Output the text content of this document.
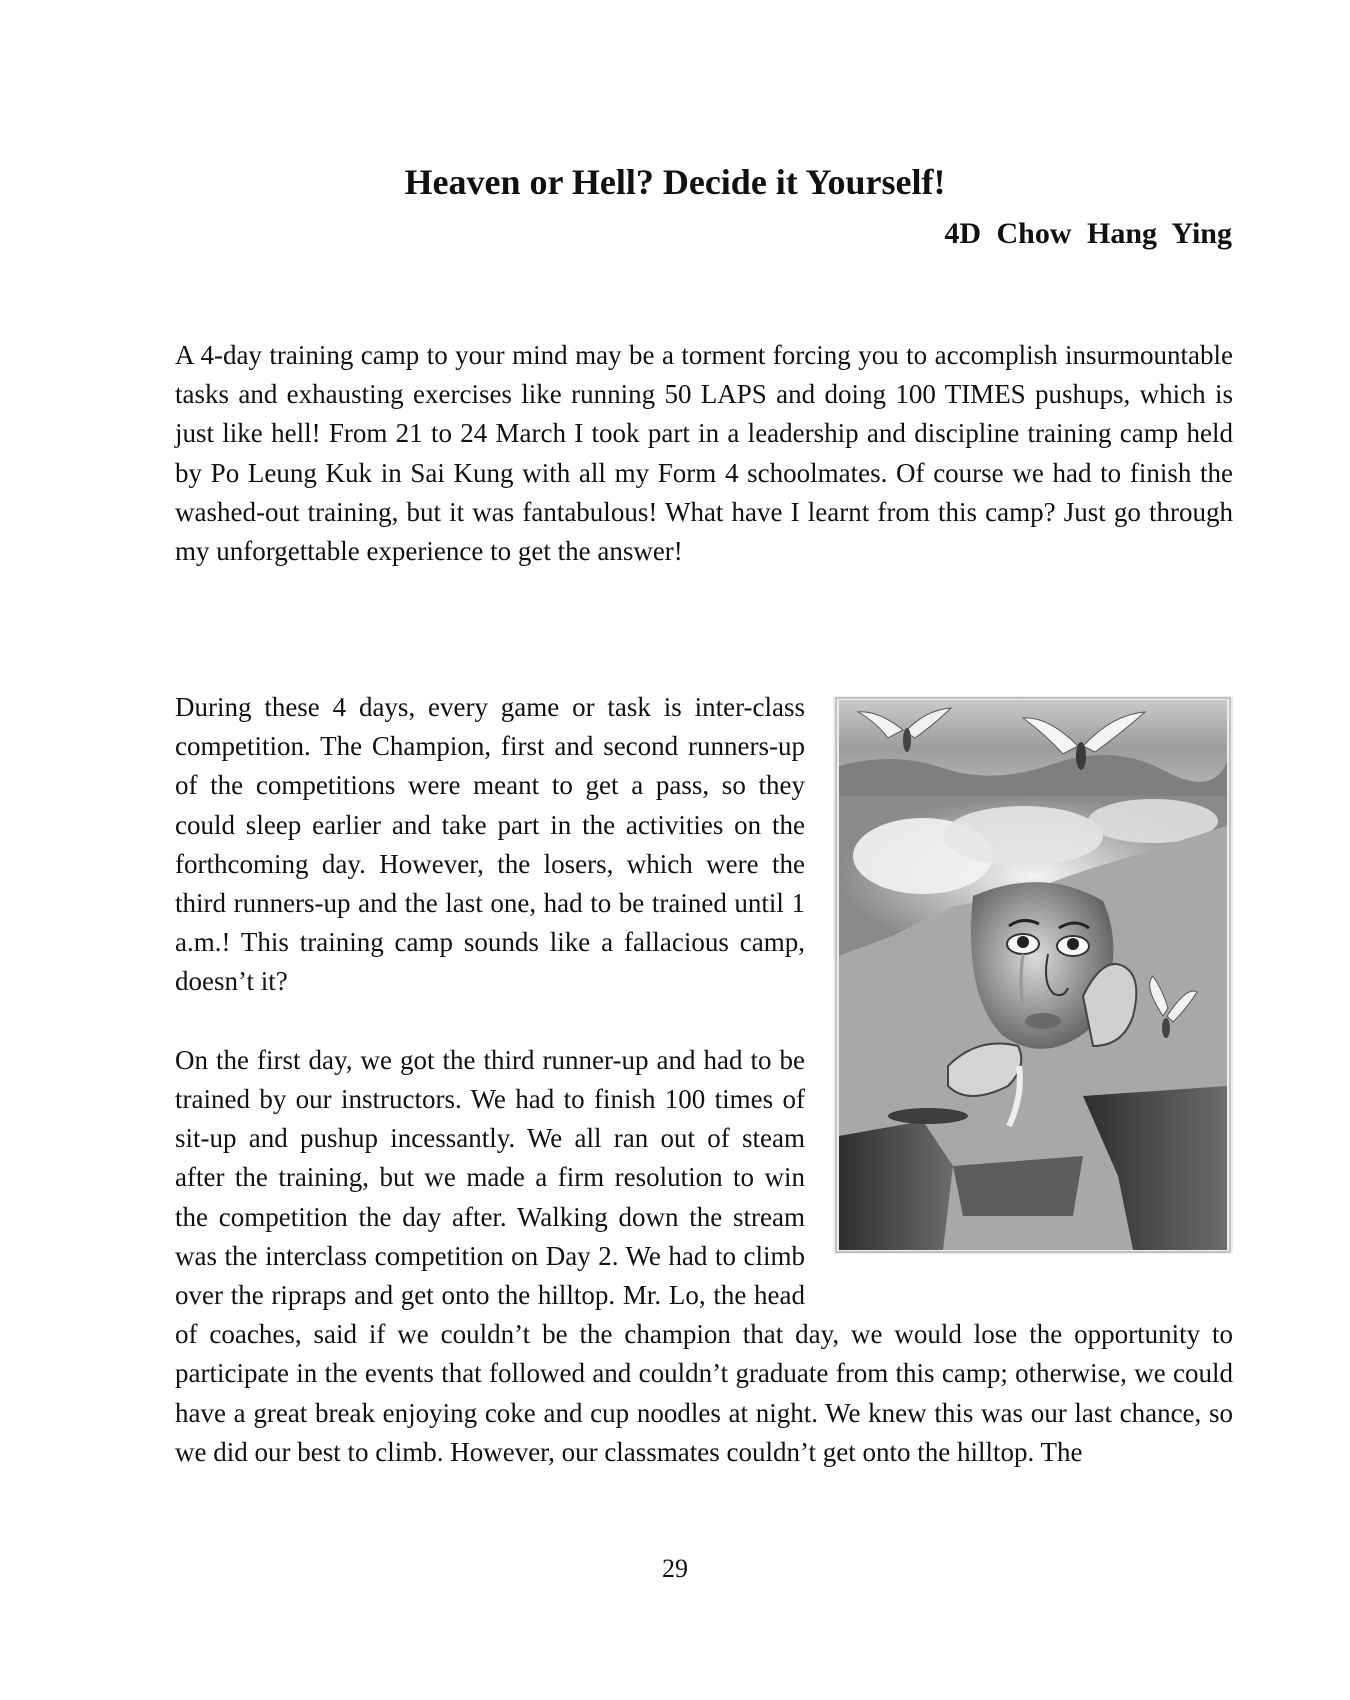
Heaven or Hell? Decide it Yourself!

4D Chow Hang Ying

A 4-day training camp to your mind may be a torment forcing you to accomplish insurmountable tasks and exhausting exercises like running 50 LAPS and doing 100 TIMES pushups, which is just like hell! From 21 to 24 March I took part in a leadership and discipline training camp held by Po Leung Kuk in Sai Kung with all my Form 4 schoolmates. Of course we had to finish the washed-out training, but it was fantabulous! What have I learnt from this camp? Just go through my unforgettable experience to get the answer!

During these 4 days, every game or task is inter-class competition. The Champion, first and second runners-up of the competitions were meant to get a pass, so they could sleep earlier and take part in the activities on the forthcoming day. However, the losers, which were the third runners-up and the last one, had to be trained until 1 a.m.! This training camp sounds like a fallacious camp, doesn’t it?

On the first day, we got the third runner-up and had to be trained by our instructors. We had to finish 100 times of sit-up and pushup incessantly. We all ran out of steam after the training, but we made a firm resolution to win the competition the day after. Walking down the stream was the interclass competition on Day 2. We had to climb over the ripraps and get onto the hilltop. Mr. Lo, the head of coaches, said if we couldn’t be the champion that day, we would lose the opportunity to participate in the events that followed and couldn’t graduate from this camp; otherwise, we could have a great break enjoying coke and cup noodles at night. We knew this was our last chance, so we did our best to climb. However, our classmates couldn’t get onto the hilltop. The

29
